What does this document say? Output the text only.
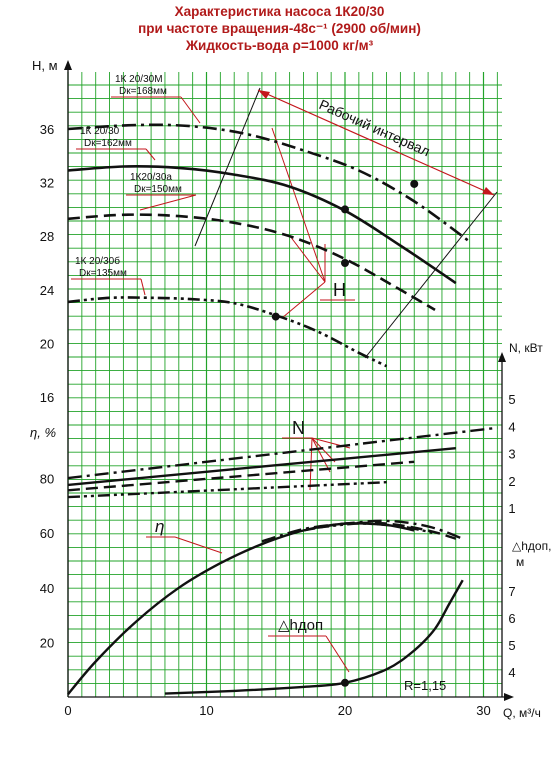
Характеристика насоса 1К20/30
при частоте вращения-48с⁻¹ (2900 об/мин)
Жидкость-вода ρ=1000 кг/м³
H, м
η, %
N, кВт
Q, м³/ч
△hдоп,
м
0	10	20	30
16
20
24
28
32
36
20
40
60
80
1
2
3
4
5
4
5
6
7
1К 20/30М
Dк=168мм
1К 20/30
Dк=162мм
1К20/30а
Dк=150мм
1К 20/30б
Dк=135мм
Рабочий интервал
H
N
η
△hдоп
R=1,15
